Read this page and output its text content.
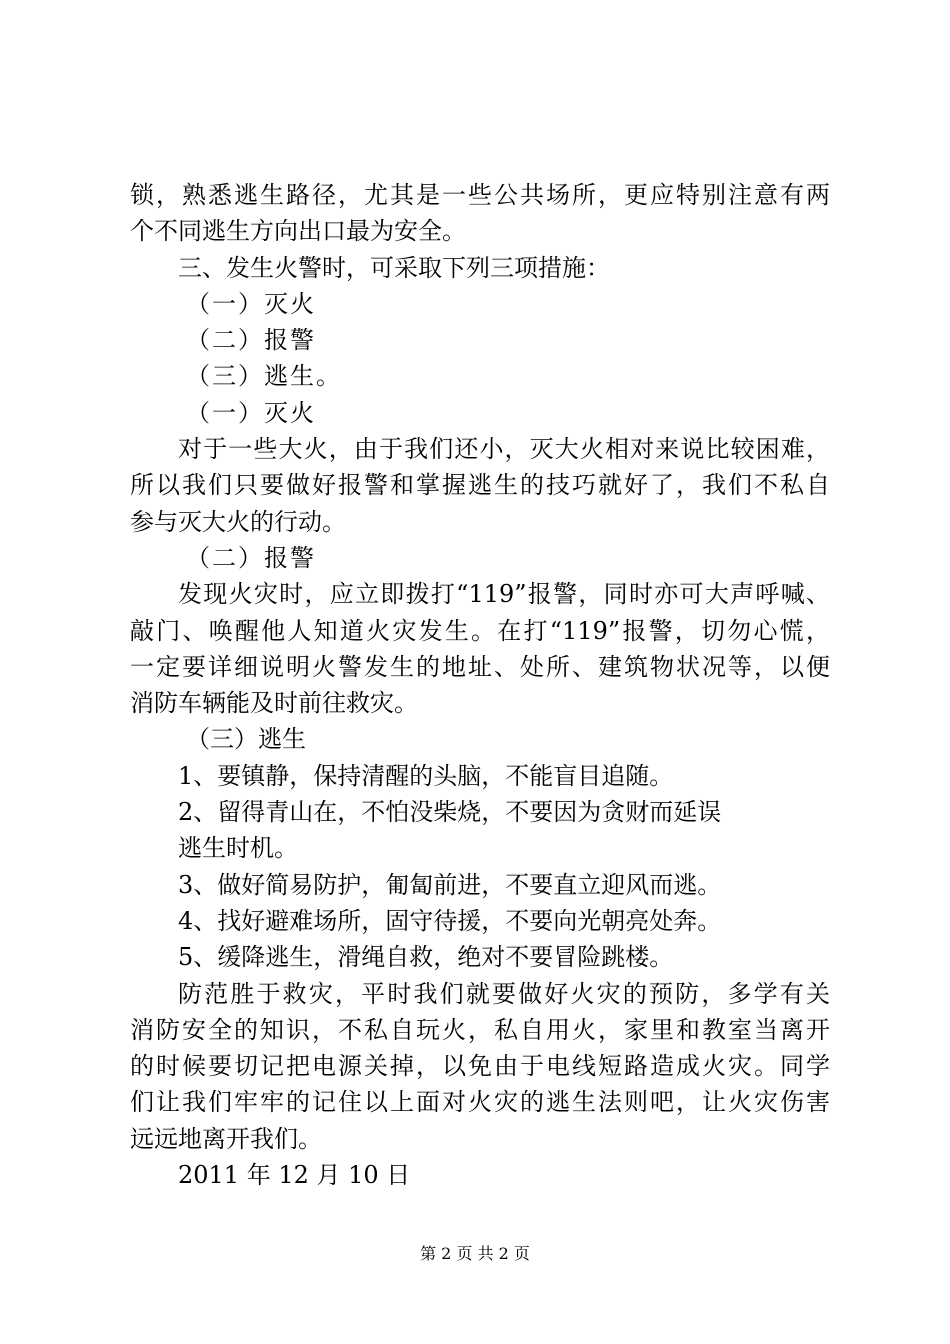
锁，熟悉逃生路径，尤其是一些公共场所，更应特别注意有两
个不同逃生方向出口最为安全。
三、发生火警时，可采取下列三项措施：
（一）灭火
（二）报警
（三）逃生。
（一）灭火
对于一些大火，由于我们还小，灭大火相对来说比较困难，
所以我们只要做好报警和掌握逃生的技巧就好了，我们不私自
参与灭大火的行动。
（二）报警
发现火灾时，应立即拨打“119”报警，同时亦可大声呼喊、
敲门、唤醒他人知道火灾发生。在打“119”报警，切勿心慌，
一定要详细说明火警发生的地址、处所、建筑物状况等，以便
消防车辆能及时前往救灾。
（三）逃生
1、要镇静，保持清醒的头脑，不能盲目追随。
2、留得青山在，不怕没柴烧，不要因为贪财而延误
逃生时机。
3、做好简易防护，匍匐前进，不要直立迎风而逃。
4、找好避难场所，固守待援，不要向光朝亮处奔。
5、缓降逃生，滑绳自救，绝对不要冒险跳楼。
防范胜于救灾，平时我们就要做好火灾的预防，多学有关
消防安全的知识，不私自玩火，私自用火，家里和教室当离开
的时候要切记把电源关掉，以免由于电线短路造成火灾。同学
们让我们牢牢的记住以上面对火灾的逃生法则吧，让火灾伤害
远远地离开我们。
2011 年 12 月 10 日
第 2 页 共 2 页
